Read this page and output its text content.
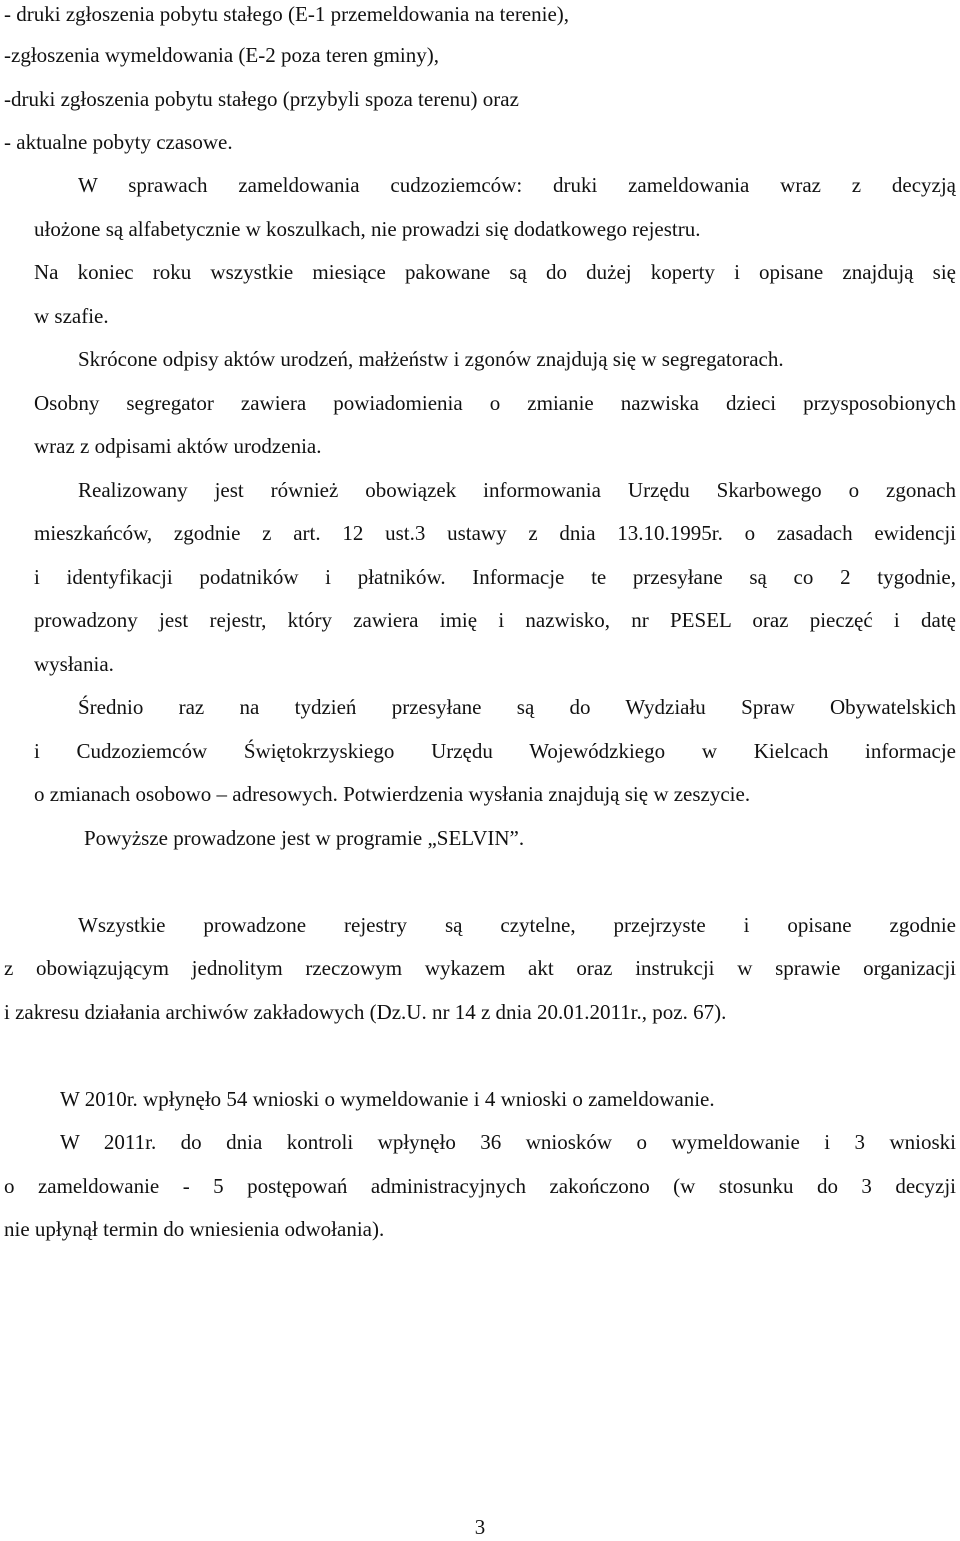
- druki zgłoszenia pobytu stałego (E-1 przemeldowania na terenie),
-zgłoszenia wymeldowania (E-2 poza teren gminy),
-druki zgłoszenia pobytu stałego (przybyli spoza terenu) oraz
- aktualne pobyty czasowe.
W sprawach zameldowania cudzoziemców: druki zameldowania wraz z decyzją
ułożone są alfabetycznie w koszulkach, nie prowadzi się dodatkowego rejestru.
Na koniec roku wszystkie miesiące pakowane są do dużej koperty i opisane znajdują się
w szafie.
Skrócone odpisy aktów urodzeń, małżeństw i zgonów znajdują się w segregatorach.
Osobny segregator zawiera powiadomienia o zmianie nazwiska dzieci przysposobionych
wraz z odpisami aktów urodzenia.
Realizowany jest również obowiązek informowania Urzędu Skarbowego o zgonach
mieszkańców, zgodnie z art. 12 ust.3 ustawy z dnia 13.10.1995r. o zasadach ewidencji
i identyfikacji podatników i płatników. Informacje te przesyłane są co 2 tygodnie,
prowadzony jest rejestr, który zawiera imię i nazwisko, nr PESEL oraz pieczęć i datę
wysłania.
Średnio raz na tydzień przesyłane są do Wydziału Spraw Obywatelskich
i Cudzoziemców Świętokrzyskiego Urzędu Wojewódzkiego w Kielcach informacje
o zmianach osobowo – adresowych. Potwierdzenia wysłania znajdują się w zeszycie.
Powyższe prowadzone jest w programie „SELVIN”.
Wszystkie prowadzone rejestry są czytelne, przejrzyste i opisane zgodnie
z obowiązującym jednolitym rzeczowym wykazem akt oraz instrukcji w sprawie organizacji
i zakresu działania archiwów zakładowych (Dz.U. nr 14 z dnia 20.01.2011r., poz. 67).
W 2010r. wpłynęło 54 wnioski o wymeldowanie i 4 wnioski o zameldowanie.
W 2011r. do dnia kontroli wpłynęło 36 wniosków o wymeldowanie i 3 wnioski
o zameldowanie - 5 postępowań administracyjnych zakończono (w stosunku do 3 decyzji
nie upłynął termin do wniesienia odwołania).
3
